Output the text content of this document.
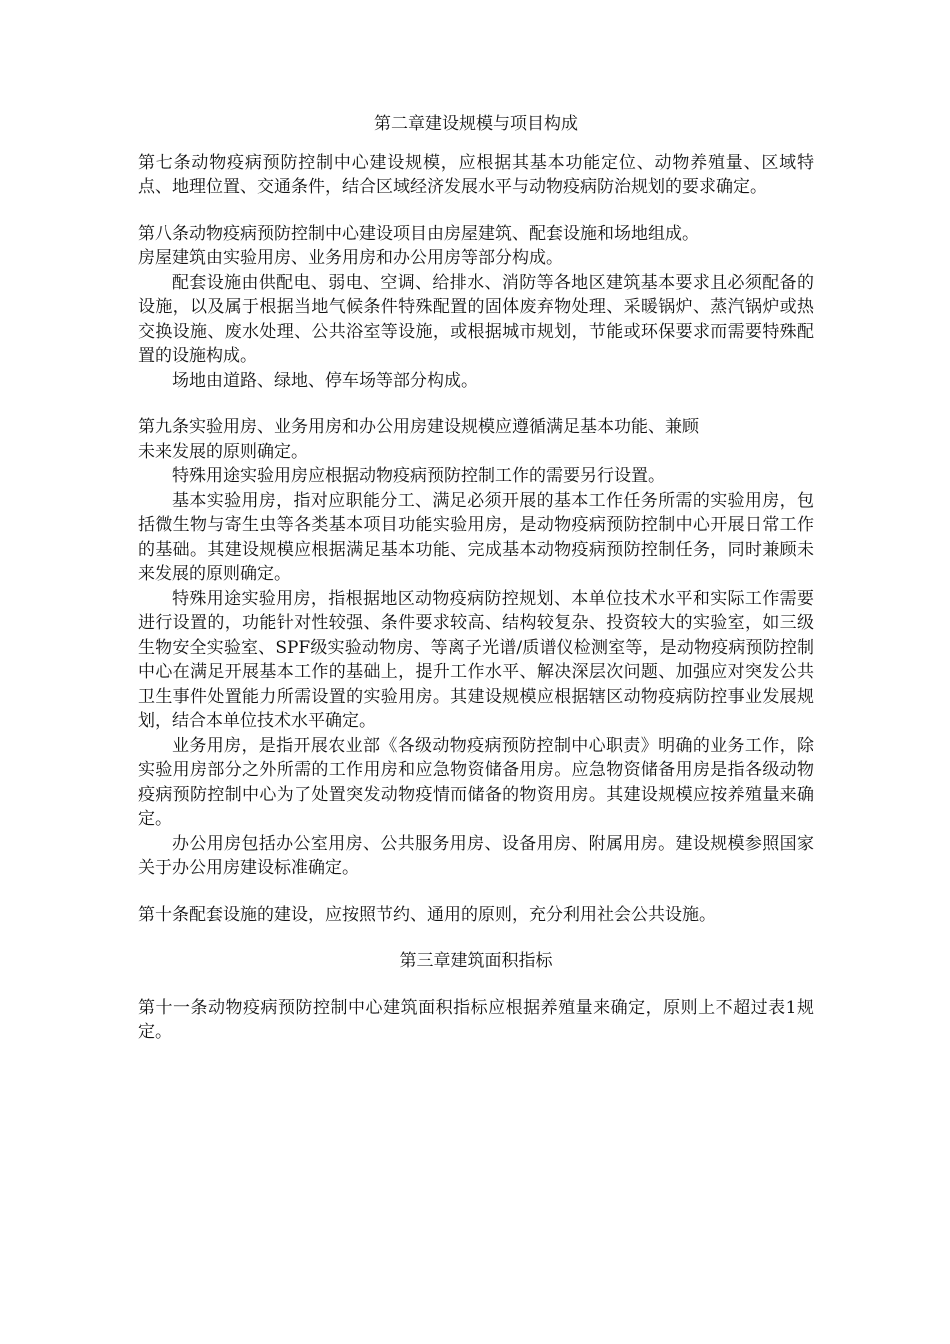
第二章建设规模与项目构成

第七条动物疫病预防控制中心建设规模，应根据其基本功能定位、动物养殖量、区域特点、地理位置、交通条件，结合区域经济发展水平与动物疫病防治规划的要求确定。

第八条动物疫病预防控制中心建设项目由房屋建筑、配套设施和场地组成。

房屋建筑由实验用房、业务用房和办公用房等部分构成。

配套设施由供配电、弱电、空调、给排水、消防等各地区建筑基本要求且必须配备的设施，以及属于根据当地气候条件特殊配置的固体废弃物处理、采暖锅炉、蒸汽锅炉或热交换设施、废水处理、公共浴室等设施，或根据城市规划，节能或环保要求而需要特殊配置的设施构成。

场地由道路、绿地、停车场等部分构成。

第九条实验用房、业务用房和办公用房建设规模应遵循满足基本功能、兼顾

未来发展的原则确定。

特殊用途实验用房应根据动物疫病预防控制工作的需要另行设置。

基本实验用房，指对应职能分工、满足必须开展的基本工作任务所需的实验用房，包括微生物与寄生虫等各类基本项目功能实验用房，是动物疫病预防控制中心开展日常工作的基础。其建设规模应根据满足基本功能、完成基本动物疫病预防控制任务，同时兼顾未来发展的原则确定。

特殊用途实验用房，指根据地区动物疫病防控规划、本单位技术水平和实际工作需要进行设置的，功能针对性较强、条件要求较高、结构较复杂、投资较大的实验室，如三级生物安全实验室、SPF级实验动物房、等离子光谱/质谱仪检测室等，是动物疫病预防控制中心在满足开展基本工作的基础上，提升工作水平、解决深层次问题、加强应对突发公共卫生事件处置能力所需设置的实验用房。其建设规模应根据辖区动物疫病防控事业发展规划，结合本单位技术水平确定。

业务用房，是指开展农业部《各级动物疫病预防控制中心职责》明确的业务工作，除实验用房部分之外所需的工作用房和应急物资储备用房。应急物资储备用房是指各级动物疫病预防控制中心为了处置突发动物疫情而储备的物资用房。其建设规模应按养殖量来确定。

办公用房包括办公室用房、公共服务用房、设备用房、附属用房。建设规模参照国家关于办公用房建设标准确定。

第十条配套设施的建设，应按照节约、通用的原则，充分利用社会公共设施。

第三章建筑面积指标

第十一条动物疫病预防控制中心建筑面积指标应根据养殖量来确定，原则上不超过表1规定。
